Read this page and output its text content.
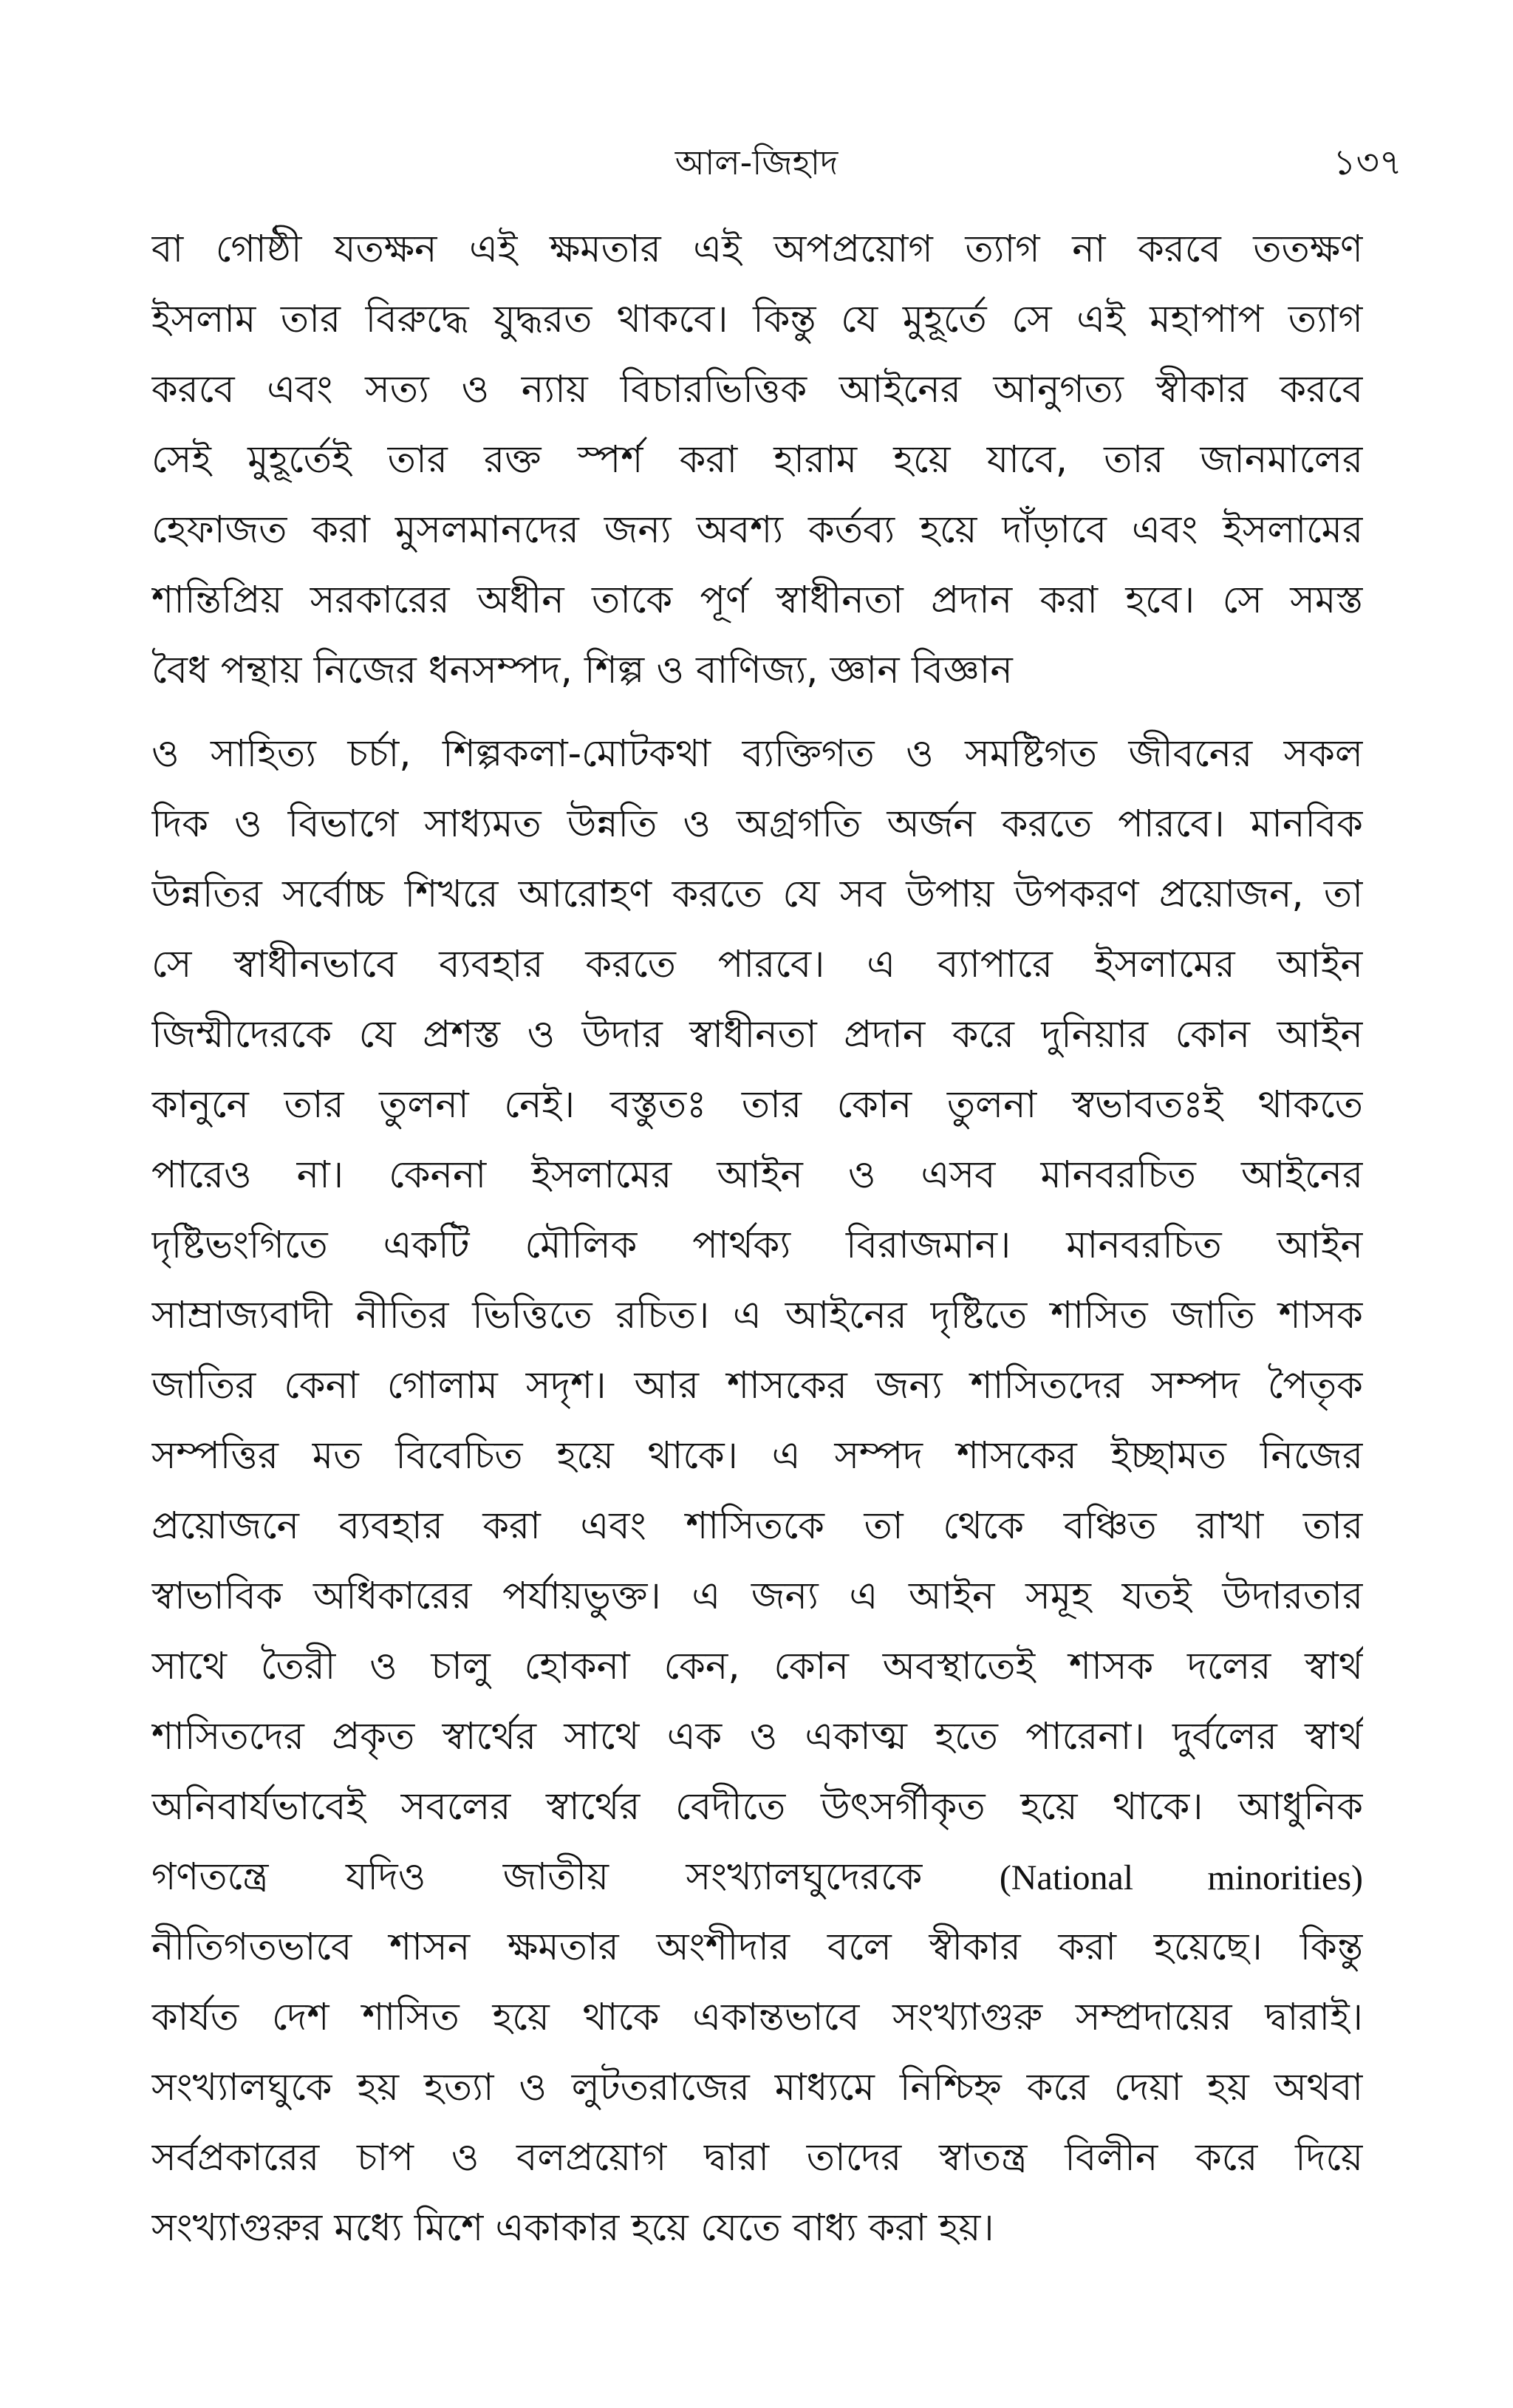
আল-জিহাদ	১৩৭
বা গোষ্ঠী যতক্ষন এই ক্ষমতার এই অপপ্রয়োগ ত্যাগ না করবে ততক্ষণ
ইসলাম তার বিরুদ্ধে যুদ্ধরত থাকবে। কিন্তু যে মুহূর্তে সে এই মহাপাপ ত্যাগ
করবে এবং সত্য ও ন্যায় বিচারভিত্তিক আইনের আনুগত্য স্বীকার করবে
সেই মুহূর্তেই তার রক্ত স্পর্শ করা হারাম হয়ে যাবে, তার জানমালের
হেফাজত করা মুসলমানদের জন্য অবশ্য কর্তব্য হয়ে দাঁড়াবে এবং ইসলামের
শান্তিপ্রিয় সরকারের অধীন তাকে পূর্ণ স্বাধীনতা প্রদান করা হবে। সে সমস্ত
বৈধ পন্থায় নিজের ধনসম্পদ, শিল্প ও বাণিজ্য, জ্ঞান বিজ্ঞান
ও সাহিত্য চর্চা, শিল্পকলা-মোটকথা ব্যক্তিগত ও সমষ্টিগত জীবনের সকল
দিক ও বিভাগে সাধ্যমত উন্নতি ও অগ্রগতি অর্জন করতে পারবে। মানবিক
উন্নতির সর্বোচ্চ শিখরে আরোহণ করতে যে সব উপায় উপকরণ প্রয়োজন, তা
সে স্বাধীনভাবে ব্যবহার করতে পারবে। এ ব্যাপারে ইসলামের আইন
জিম্মীদেরকে যে প্রশস্ত ও উদার স্বাধীনতা প্রদান করে দুনিয়ার কোন আইন
কানুনে তার তুলনা নেই। বস্তুতঃ তার কোন তুলনা স্বভাবতঃই থাকতে
পারেও না। কেননা ইসলামের আইন ও এসব মানবরচিত আইনের
দৃষ্টিভংগিতে একটি মৌলিক পার্থক্য বিরাজমান। মানবরচিত আইন
সাম্রাজ্যবাদী নীতির ভিত্তিতে রচিত। এ আইনের দৃষ্টিতে শাসিত জাতি শাসক
জাতির কেনা গোলাম সদৃশ। আর শাসকের জন্য শাসিতদের সম্পদ পৈতৃক
সম্পত্তির মত বিবেচিত হয়ে থাকে। এ সম্পদ শাসকের ইচ্ছামত নিজের
প্রয়োজনে ব্যবহার করা এবং শাসিতকে তা থেকে বঞ্চিত রাখা তার
স্বাভাবিক অধিকারের পর্যায়ভুক্ত। এ জন্য এ আইন সমূহ যতই উদারতার
সাথে তৈরী ও চালু হোকনা কেন, কোন অবস্থাতেই শাসক দলের স্বার্থ
শাসিতদের প্রকৃত স্বার্থের সাথে এক ও একাত্ম হতে পারেনা। দুর্বলের স্বার্থ
অনিবার্যভাবেই সবলের স্বার্থের বেদীতে উৎসর্গীকৃত হয়ে থাকে। আধুনিক
গণতন্ত্রে যদিও জাতীয় সংখ্যালঘুদেরকে (National minorities)
নীতিগতভাবে শাসন ক্ষমতার অংশীদার বলে স্বীকার করা হয়েছে। কিন্তু
কার্যত দেশ শাসিত হয়ে থাকে একান্তভাবে সংখ্যাগুরু সম্প্রদায়ের দ্বারাই।
সংখ্যালঘুকে হয় হত্যা ও লুটতরাজের মাধ্যমে নিশ্চিহ্ন করে দেয়া হয় অথবা
সর্বপ্রকারের চাপ ও বলপ্রয়োগ দ্বারা তাদের স্বাতন্ত্র বিলীন করে দিয়ে
সংখ্যাগুরুর মধ্যে মিশে একাকার হয়ে যেতে বাধ্য করা হয়।
